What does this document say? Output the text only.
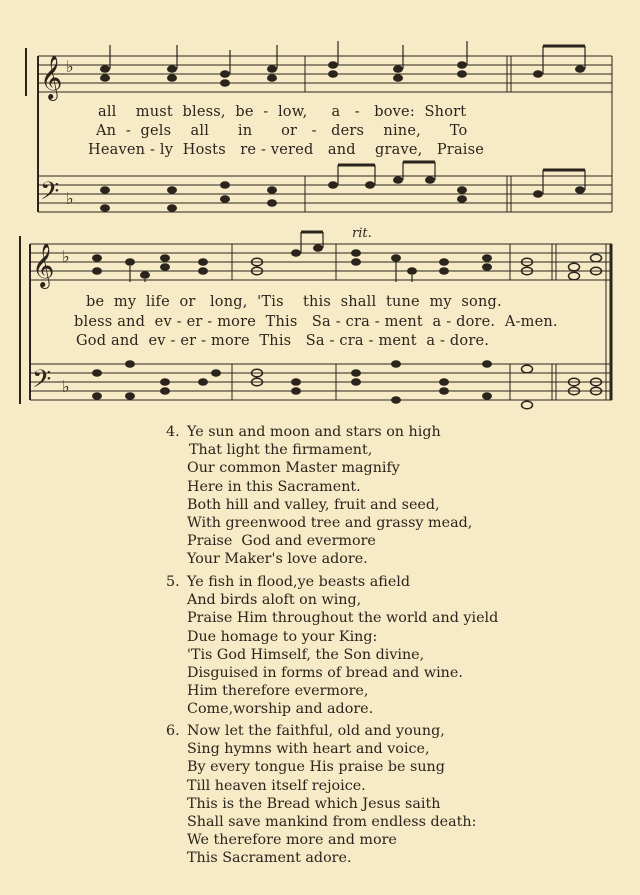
𝄞
𝄢
♭
♭
𝄞
𝄢
♭
♭
rit.
all    must  bless,  be  -  low,     a   -   bove:  Short
An  -  gels    all      in      or   -   ders    nine,      To
Heaven - ly  Hosts   re - vered   and    grave,   Praise
be  my  life  or   long,  'Tis    this  shall  tune  my  song.
bless and  ev - er - more  This   Sa - cra - ment  a - dore.  A-men.
God and  ev - er - more  This   Sa - cra - ment  a - dore.
4. Ye sun and moon and stars on high
That light the firmament,
Our common Master magnify
Here in this Sacrament.
Both hill and valley, fruit and seed,
With greenwood tree and grassy mead,
Praise  God and evermore
Your Maker's love adore.
5. Ye fish in flood,ye beasts afield
And birds aloft on wing,
Praise Him throughout the world and yield
Due homage to your King:
'Tis God Himself, the Son divine,
Disguised in forms of bread and wine.
Him therefore evermore,
Come,worship and adore.
6. Now let the faithful, old and young,
Sing hymns with heart and voice,
By every tongue His praise be sung
Till heaven itself rejoice.
This is the Bread which Jesus saith
Shall save mankind from endless death:
We therefore more and more
This Sacrament adore.
